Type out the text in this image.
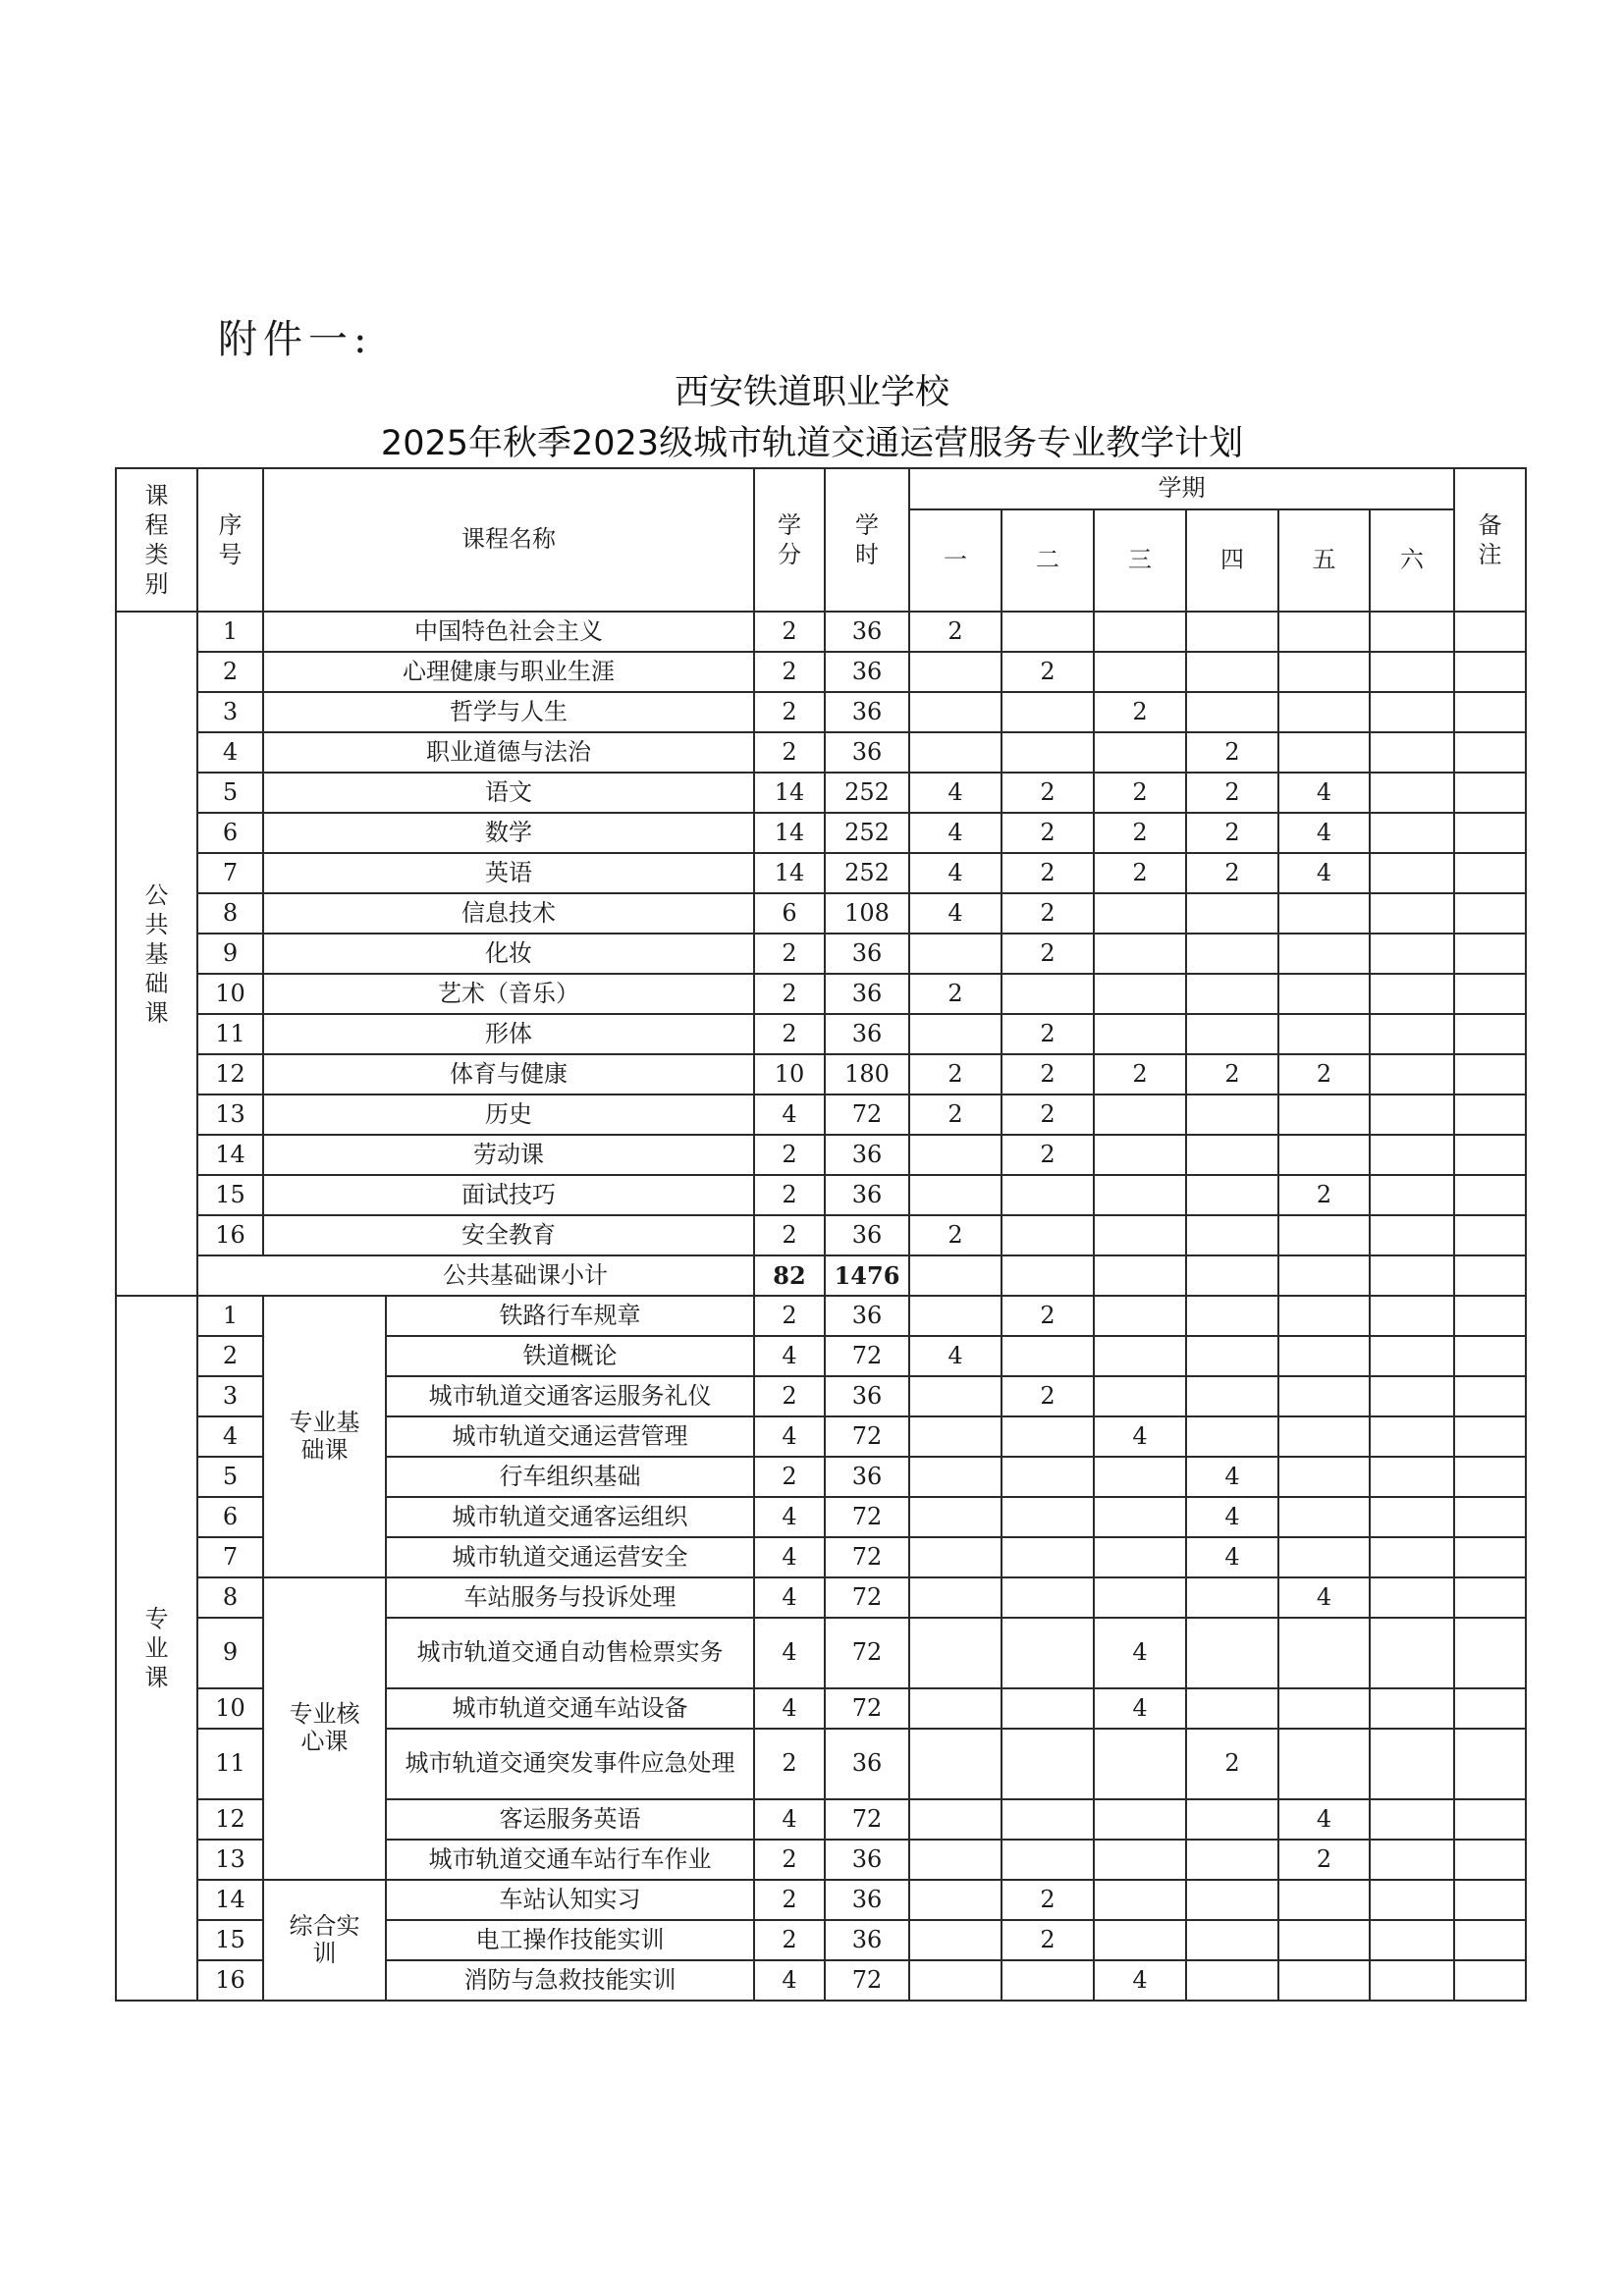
附件一:
西安铁道职业学校
2025年秋季2023级城市轨道交通运营服务专业教学计划
课程类别	序号	课程名称		学分	学时	学期						备注
						一	二	三	四	五	六	
公共基础课	1	中国特色社会主义		2	36	2						
	2	心理健康与职业生涯		2	36		2					
	3	哲学与人生		2	36			2				
	4	职业道德与法治		2	36				2			
	5	语文		14	252	4	2	2	2	4		
	6	数学		14	252	4	2	2	2	4		
	7	英语		14	252	4	2	2	2	4		
	8	信息技术		6	108	4	2					
	9	化妆		2	36		2					
	10	艺术（音乐）		2	36	2						
	11	形体		2	36		2					
	12	体育与健康		10	180	2	2	2	2	2		
	13	历史		4	72	2	2					
	14	劳动课		2	36		2					
	15	面试技巧		2	36					2		
	16	安全教育		2	36	2						
	公共基础课小计			82	1476							
专业课	1	专业基础课	铁路行车规章	2	36		2					
	2		铁道概论	4	72	4						
	3		城市轨道交通客运服务礼仪	2	36		2					
	4		城市轨道交通运营管理	4	72			4				
	5		行车组织基础	2	36				4			
	6		城市轨道交通客运组织	4	72				4			
	7		城市轨道交通运营安全	4	72				4			
	8	专业核心课	车站服务与投诉处理	4	72					4		
	9		城市轨道交通自动售检票实务	4	72			4				
	10		城市轨道交通车站设备	4	72			4				
	11		城市轨道交通突发事件应急处理	2	36				2			
	12		客运服务英语	4	72					4		
	13		城市轨道交通车站行车作业	2	36					2		
	14	综合实训	车站认知实习	2	36		2					
	15		电工操作技能实训	2	36		2					
	16		消防与急救技能实训	4	72			4				
